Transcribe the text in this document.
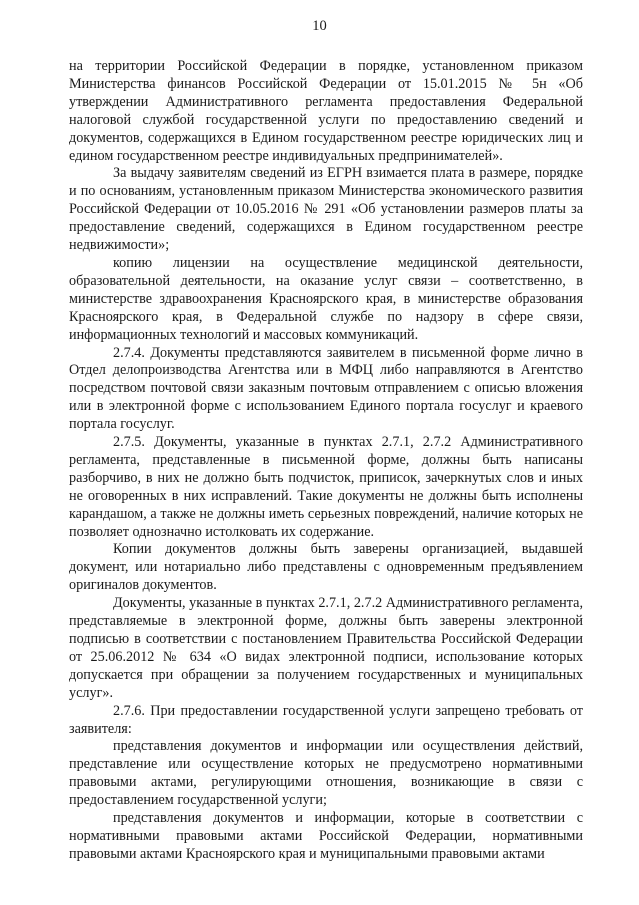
10

на территории Российской Федерации в порядке, установленном приказом Министерства финансов Российской Федерации от 15.01.2015 № 5н «Об утверждении Административного регламента предоставления Федеральной налоговой службой государственной услуги по предоставлению сведений и документов, содержащихся в Едином государственном реестре юридических лиц и едином государственном реестре индивидуальных предпринимателей».

За выдачу заявителям сведений из ЕГРН взимается плата в размере, порядке и по основаниям, установленным приказом Министерства экономического развития Российской Федерации от 10.05.2016 № 291 «Об установлении размеров платы за предоставление сведений, содержащихся в Едином государственном реестре недвижимости»;

копию лицензии на осуществление медицинской деятельности, образовательной деятельности, на оказание услуг связи – соответственно, в министерстве здравоохранения Красноярского края, в министерстве образования Красноярского края, в Федеральной службе по надзору в сфере связи, информационных технологий и массовых коммуникаций.

2.7.4. Документы представляются заявителем в письменной форме лично в Отдел делопроизводства Агентства или в МФЦ либо направляются в Агентство посредством почтовой связи заказным почтовым отправлением с описью вложения или в электронной форме с использованием Единого портала госуслуг и краевого портала госуслуг.

2.7.5. Документы, указанные в пунктах 2.7.1, 2.7.2 Административного регламента, представленные в письменной форме, должны быть написаны разборчиво, в них не должно быть подчисток, приписок, зачеркнутых слов и иных не оговоренных в них исправлений. Такие документы не должны быть исполнены карандашом, а также не должны иметь серьезных повреждений, наличие которых не позволяет однозначно истолковать их содержание.

Копии документов должны быть заверены организацией, выдавшей документ, или нотариально либо представлены с одновременным предъявлением оригиналов документов.

Документы, указанные в пунктах 2.7.1, 2.7.2 Административного регламента, представляемые в электронной форме, должны быть заверены электронной подписью в соответствии с постановлением Правительства Российской Федерации от 25.06.2012 № 634 «О видах электронной подписи, использование которых допускается при обращении за получением государственных и муниципальных услуг».

2.7.6. При предоставлении государственной услуги запрещено требовать от заявителя:

представления документов и информации или осуществления действий, представление или осуществление которых не предусмотрено нормативными правовыми актами, регулирующими отношения, возникающие в связи с предоставлением государственной услуги;

представления документов и информации, которые в соответствии с нормативными правовыми актами Российской Федерации, нормативными правовыми актами Красноярского края и муниципальными правовыми актами
